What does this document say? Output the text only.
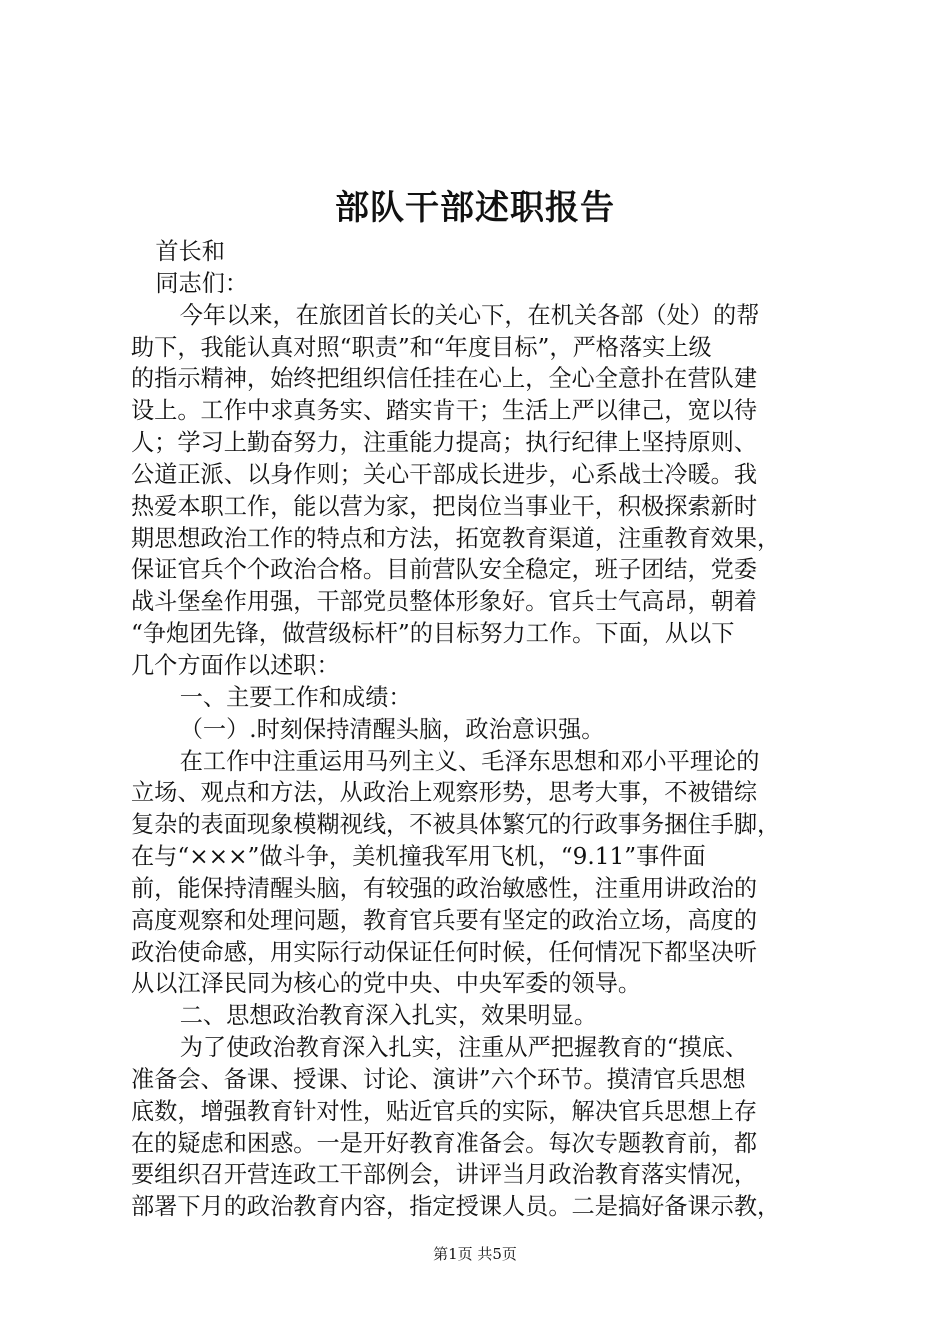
部队干部述职报告
首长和
同志们：
今年以来，在旅团首长的关心下，在机关各部（处）的帮
助下，我能认真对照“职责”和“年度目标”，严格落实上级
的指示精神，始终把组织信任挂在心上，全心全意扑在营队建
设上。工作中求真务实、踏实肯干；生活上严以律己，宽以待
人；学习上勤奋努力，注重能力提高；执行纪律上坚持原则、
公道正派、以身作则；关心干部成长进步，心系战士冷暖。我
热爱本职工作，能以营为家，把岗位当事业干，积极探索新时
期思想政治工作的特点和方法，拓宽教育渠道，注重教育效果，
保证官兵个个政治合格。目前营队安全稳定，班子团结，党委
战斗堡垒作用强，干部党员整体形象好。官兵士气高昂，朝着
“争炮团先锋，做营级标杆”的目标努力工作。下面，从以下
几个方面作以述职：
一、主要工作和成绩：
（一）.时刻保持清醒头脑，政治意识强。
在工作中注重运用马列主义、毛泽东思想和邓小平理论的
立场、观点和方法，从政治上观察形势，思考大事，不被错综
复杂的表面现象模糊视线，不被具体繁冗的行政事务捆住手脚，
在与“×××”做斗争，美机撞我军用飞机，“9.11”事件面
前，能保持清醒头脑，有较强的政治敏感性，注重用讲政治的
高度观察和处理问题，教育官兵要有坚定的政治立场，高度的
政治使命感，用实际行动保证任何时候，任何情况下都坚决听
从以江泽民同为核心的党中央、中央军委的领导。
二、思想政治教育深入扎实，效果明显。
为了使政治教育深入扎实，注重从严把握教育的“摸底、
准备会、备课、授课、讨论、演讲”六个环节。摸清官兵思想
底数，增强教育针对性，贴近官兵的实际，解决官兵思想上存
在的疑虑和困惑。一是开好教育准备会。每次专题教育前，都
要组织召开营连政工干部例会，讲评当月政治教育落实情况，
部署下月的政治教育内容，指定授课人员。二是搞好备课示教，
第1页 共5页
